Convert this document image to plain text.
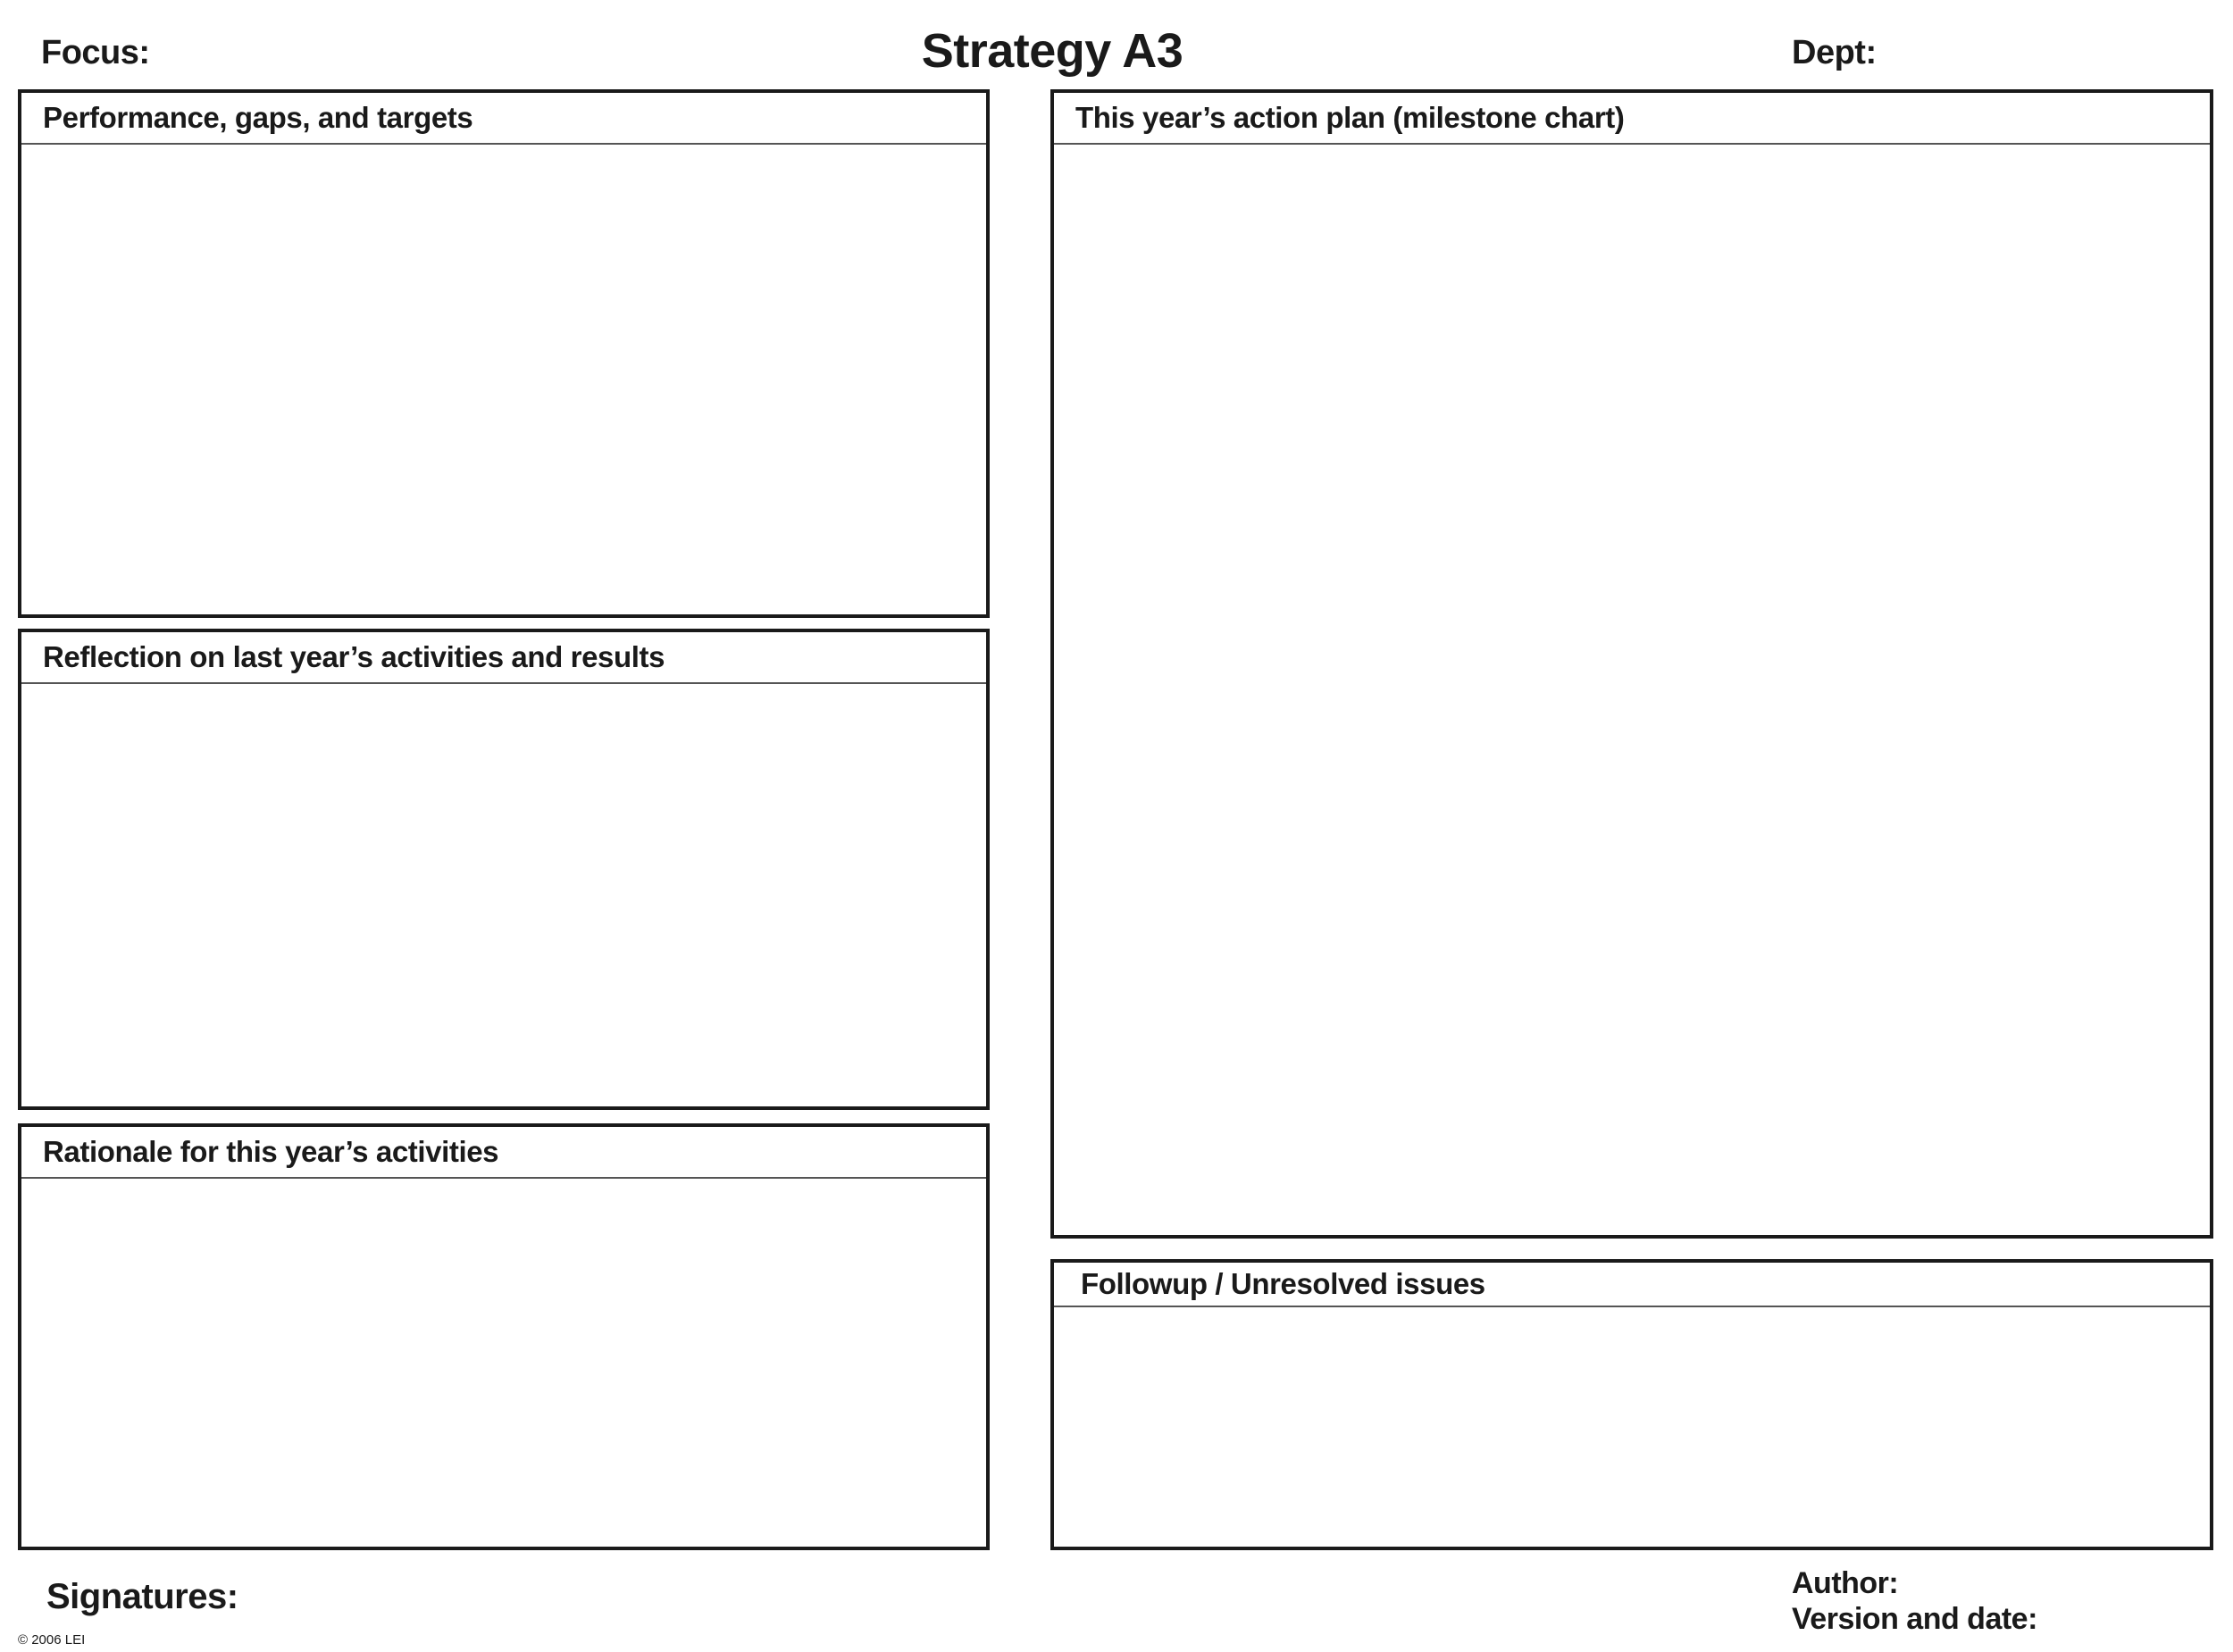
Focus:	Strategy A3	Dept:
Performance, gaps, and targets
Reflection on last year’s activities and results
Rationale for this year’s activities
This year’s action plan (milestone chart)
Followup / Unresolved issues
Signatures:	Author:
Version and date:
© 2006 LEI
